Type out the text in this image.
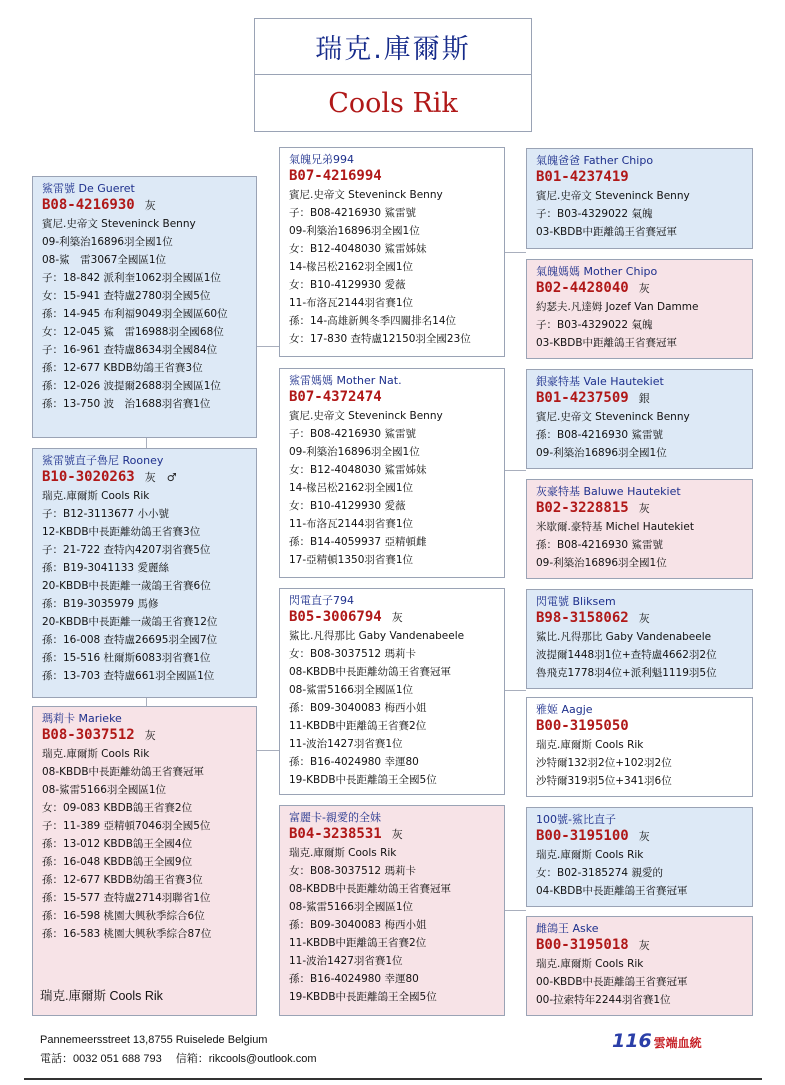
瑞克.庫爾斯
Cools Rik
鯊雷號 De Gueret
B08-4216930 灰
賓尼.史帝文 Steveninck Benny
09-利築治16896羽全國1位
08-鯊　雷3067全國區1位
子：18-842 派利奎1062羽全國區1位
女：15-941 查特盧2780羽全國5位
孫：14-945 布利福9049羽全國區60位
女：12-045 鯊　雷16988羽全國68位
子：16-961 查特盧8634羽全國84位
孫：12-677 KBDB幼鴿王省賽3位
孫：12-026 波提爾2688羽全國區1位
孫：13-750 波　治1688羽省賽1位
鯊雷號直子魯尼 Rooney
B10-3020263 灰　♂
瑞克.庫爾斯 Cools Rik
子：B12-3113677 小小號
12-KBDB中長距離幼鴿王省賽3位
子：21-722 查特內4207羽省賽5位
孫：B19-3041133 愛麗絲
20-KBDB中長距離一歲鴿王省賽6位
孫：B19-3035979 馬修
20-KBDB中長距離一歲鴿王省賽12位
孫：16-008 查特盧26695羽全國7位
孫：15-516 杜爾斯6083羽省賽1位
孫：13-703 查特盧661羽全國區1位
瑪莉卡 Marieke
B08-3037512 灰
瑞克.庫爾斯 Cools Rik
08-KBDB中長距離幼鴿王省賽冠軍
08-鯊雷5166羽全國區1位
女：09-083 KBDB鴿王省賽2位
子：11-389 亞精頓7046羽全國5位
孫：13-012 KBDB鴿王全國4位
孫：16-048 KBDB鴿王全國9位
孫：12-677 KBDB幼鴿王省賽3位
孫：15-577 查特盧2714羽聯省1位
孫：16-598 桃園大興秋季綜合6位
孫：16-583 桃園大興秋季綜合87位
氣魄兄弟994
B07-4216994
賓尼.史帝文 Steveninck Benny
子：B08-4216930 鯊雷號
09-利築治16896羽全國1位
女：B12-4048030 鯊雷姊妹
14-椽呂松2162羽全國1位
女：B10-4129930 愛薇
11-布洛瓦2144羽省賽1位
孫：14-高雄新興冬季四關排名14位
女：17-830 查特盧12150羽全國23位
鯊雷媽媽 Mother Nat.
B07-4372474
賓尼.史帝文 Steveninck Benny
子：B08-4216930 鯊雷號
09-利築治16896羽全國1位
女：B12-4048030 鯊雷姊妹
14-椽呂松2162羽全國1位
女：B10-4129930 愛薇
11-布洛瓦2144羽省賽1位
孫：B14-4059937 亞精頓雌
17-亞精頓1350羽省賽1位
閃電直子794
B05-3006794 灰
鯊比.凡得那比 Gaby Vandenabeele
女：B08-3037512 瑪莉卡
08-KBDB中長距離幼鴿王省賽冠軍
08-鯊雷5166羽全國區1位
孫：B09-3040083 梅西小姐
11-KBDB中距離鴿王省賽2位
11-波治1427羽省賽1位
孫：B16-4024980 幸運80
19-KBDB中長距離鴿王全國5位
富麗卡-親愛的全妹
B04-3238531 灰
瑞克.庫爾斯 Cools Rik
女：B08-3037512 瑪莉卡
08-KBDB中長距離幼鴿王省賽冠軍
08-鯊雷5166羽全國區1位
孫：B09-3040083 梅西小姐
11-KBDB中距離鴿王省賽2位
11-波治1427羽省賽1位
孫：B16-4024980 幸運80
19-KBDB中長距離鴿王全國5位
氣魄爸爸 Father Chipo
B01-4237419
賓尼.史帝文 Steveninck Benny
子：B03-4329022 氣魄
03-KBDB中距離鴿王省賽冠軍
氣魄媽媽 Mother Chipo
B02-4428040 灰
約瑟夫.凡達姆 Jozef Van Damme
子：B03-4329022 氣魄
03-KBDB中距離鴿王省賽冠軍
銀豪特基 Vale Hautekiet
B01-4237509 銀
賓尼.史帝文 Steveninck Benny
孫：B08-4216930 鯊雷號
09-利築治16896羽全國1位
灰豪特基 Baluwe Hautekiet
B02-3228815 灰
米歇爾.豪特基 Michel Hautekiet
孫：B08-4216930 鯊雷號
09-利築治16896羽全國1位
閃電號 Bliksem
B98-3158062 灰
鯊比.凡得那比 Gaby Vandenabeele
波提爾1448羽1位+查特盧4662羽2位
魯飛克1778羽4位+派利魁1119羽5位
雅姬 Aagje
B00-3195050
瑞克.庫爾斯 Cools Rik
沙特爾132羽2位+102羽2位
沙特爾319羽5位+341羽6位
100號-鯊比直子
B00-3195100 灰
瑞克.庫爾斯 Cools Rik
女：B02-3185274 親愛的
04-KBDB中長距離鴿王省賽冠軍
雌鴿王 Aske
B00-3195018 灰
瑞克.庫爾斯 Cools Rik
00-KBDB中長距離鴿王省賽冠軍
00-拉索特年2244羽省賽1位
瑞克.庫爾斯 Cools Rik
Pannemeersstreet 13,8755 Ruiselede Belgium
電話：0032 051 688 793　 信箱：rikcools@outlook.com
116 雲端血統
